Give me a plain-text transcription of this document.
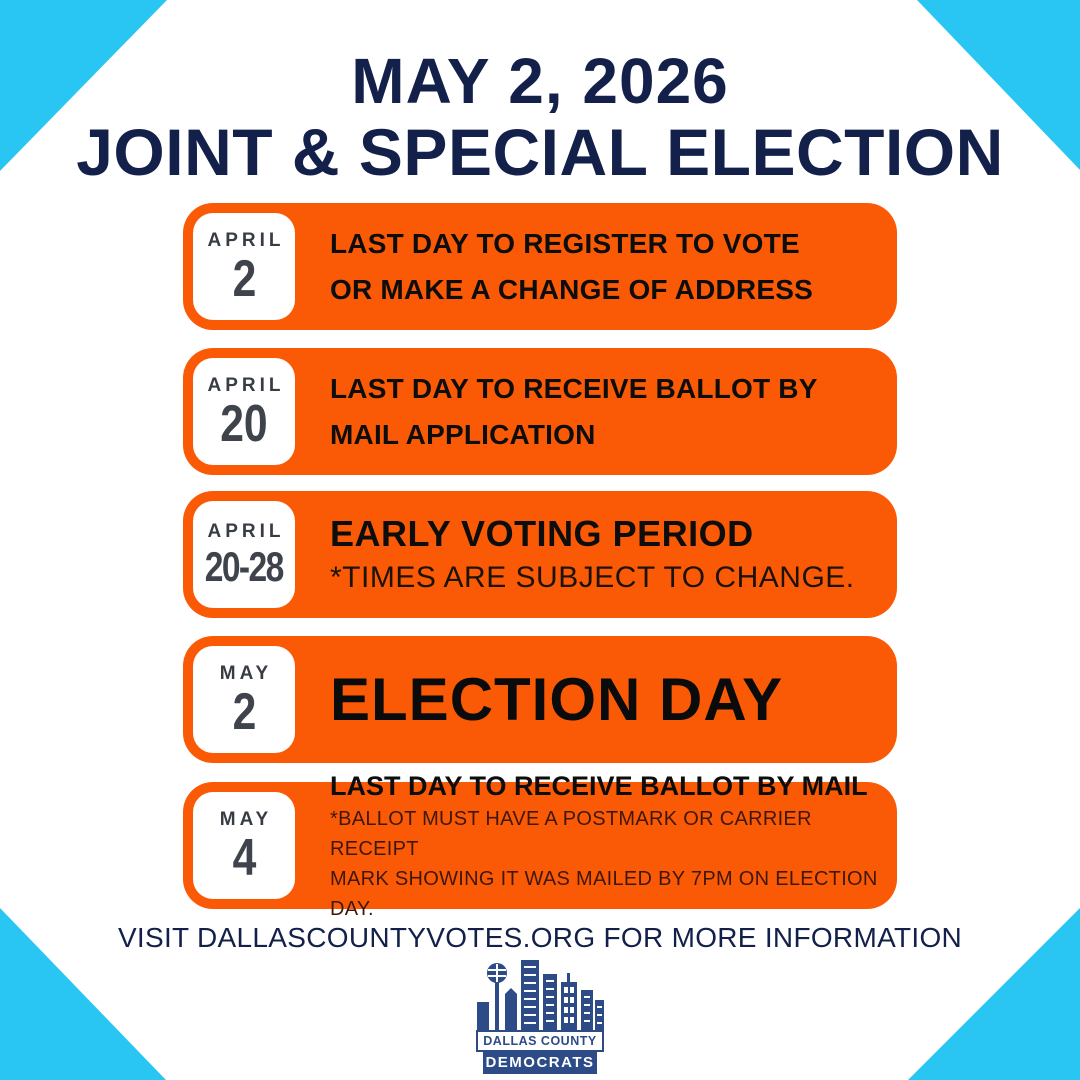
MAY 2, 2026
JOINT & SPECIAL ELECTION
APRIL
2
LAST DAY TO REGISTER TO VOTE
OR MAKE A CHANGE OF ADDRESS
APRIL
20
LAST DAY TO RECEIVE BALLOT BY
MAIL APPLICATION
APRIL
20-28
EARLY VOTING PERIOD
*TIMES ARE SUBJECT TO CHANGE.
MAY
2 ELECTION DAY
MAY
4
LAST DAY TO RECEIVE BALLOT BY MAIL
*BALLOT MUST HAVE A POSTMARK OR CARRIER RECEIPT
MARK SHOWING IT WAS MAILED BY 7PM ON ELECTION DAY.
VISIT DALLASCOUNTYVOTES.ORG FOR MORE INFORMATION
DALLAS COUNTY
DEMOCRATS
